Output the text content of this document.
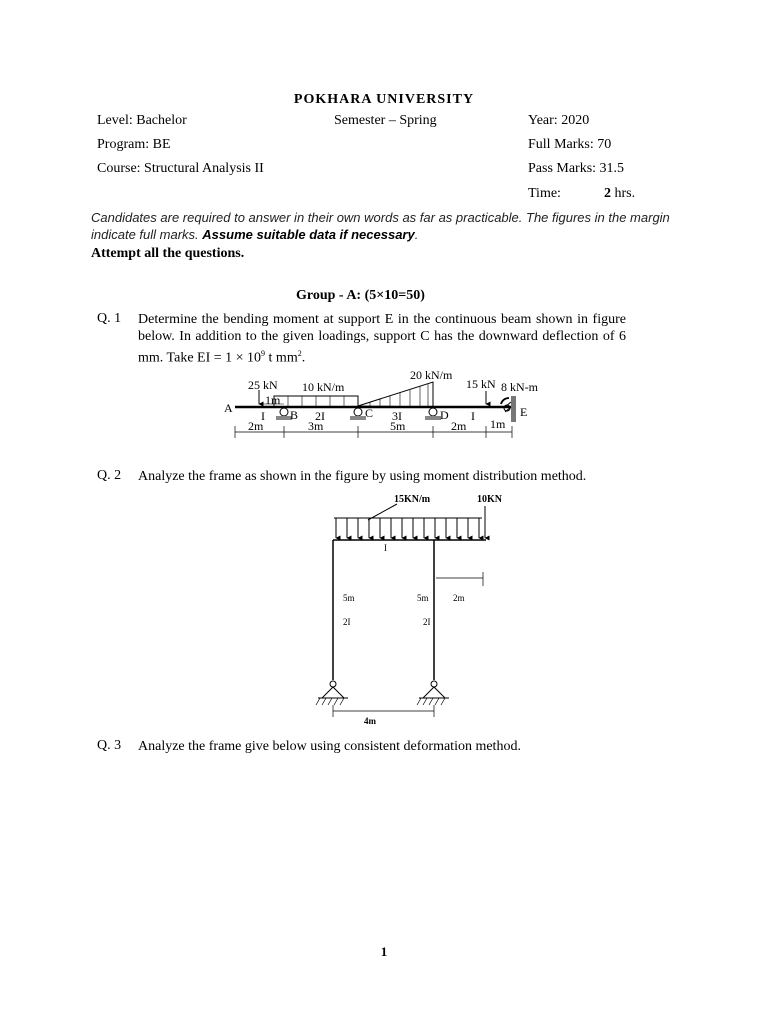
POKHARA UNIVERSITY
Level: Bachelor	Semester – Spring	Year: 2020
Program: BE	Full Marks: 70
Course: Structural Analysis II	Pass Marks: 31.5
Time:	2 hrs.
Candidates are required to answer in their own words as far as practicable. The figures in the margin indicate full marks. Assume suitable data if necessary.
Attempt all the questions.
Group - A: (5×10=50)
Q. 1 Determine the bending moment at support E in the continuous beam shown in figure below. In addition to the given loadings, support C has the downward deflection of 6 mm. Take EI = $1 \times 10^9$ t $mm^2$.
25 kN
1m
10 kN/m
20 kN/m
15 kN 8 kN-m
A	B	C	D	E
I	2I	3I	I
2m	3m	5m	2m 1m
15KN/m	10KN
I
5m	5m	2m
2I	2I
4m
Q. 2 Analyze the frame as shown in the figure by using moment distribution method.
Q. 3 Analyze the frame give below using consistent deformation method.
1
